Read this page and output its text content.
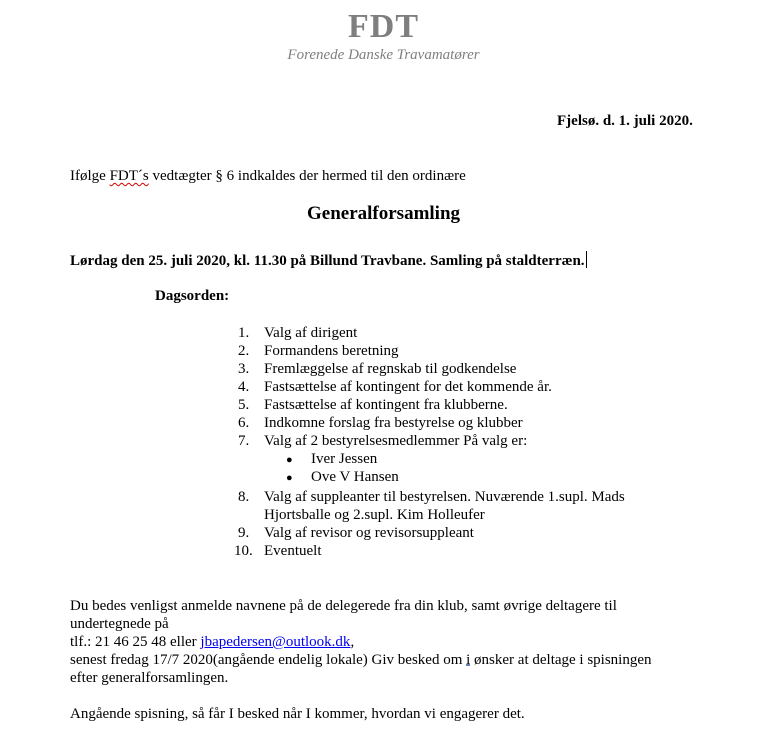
FDT
Forenede Danske Travamatører
Fjelsø. d. 1. juli 2020.
Ifølge FDT´s vedtægter § 6 indkaldes der hermed til den ordinære
Generalforsamling
Lørdag den 25. juli 2020, kl. 11.30 på Billund Travbane. Samling på staldterræn.
Dagsorden:
1. Valg af dirigent
2. Formandens beretning
3. Fremlæggelse af regnskab til godkendelse
4. Fastsættelse af kontingent for det kommende år.
5. Fastsættelse af kontingent fra klubberne.
6. Indkomne forslag fra bestyrelse og klubber
7. Valg af 2 bestyrelsesmedlemmer På valg er:
● Iver Jessen
● Ove V Hansen
8. Valg af suppleanter til bestyrelsen. Nuværende 1.supl. Mads
Hjortsballe og 2.supl. Kim Holleufer
9. Valg af revisor og revisorsuppleant
10. Eventuelt
Du bedes venligst anmelde navnene på de delegerede fra din klub, samt øvrige deltagere til
undertegnede på
tlf.: 21 46 25 48 eller jbapedersen@outlook.dk,
senest fredag 17/7 2020(angående endelig lokale) Giv besked om i ønsker at deltage i spisningen
efter generalforsamlingen.
Angående spisning, så får I besked når I kommer, hvordan vi engagerer det.
